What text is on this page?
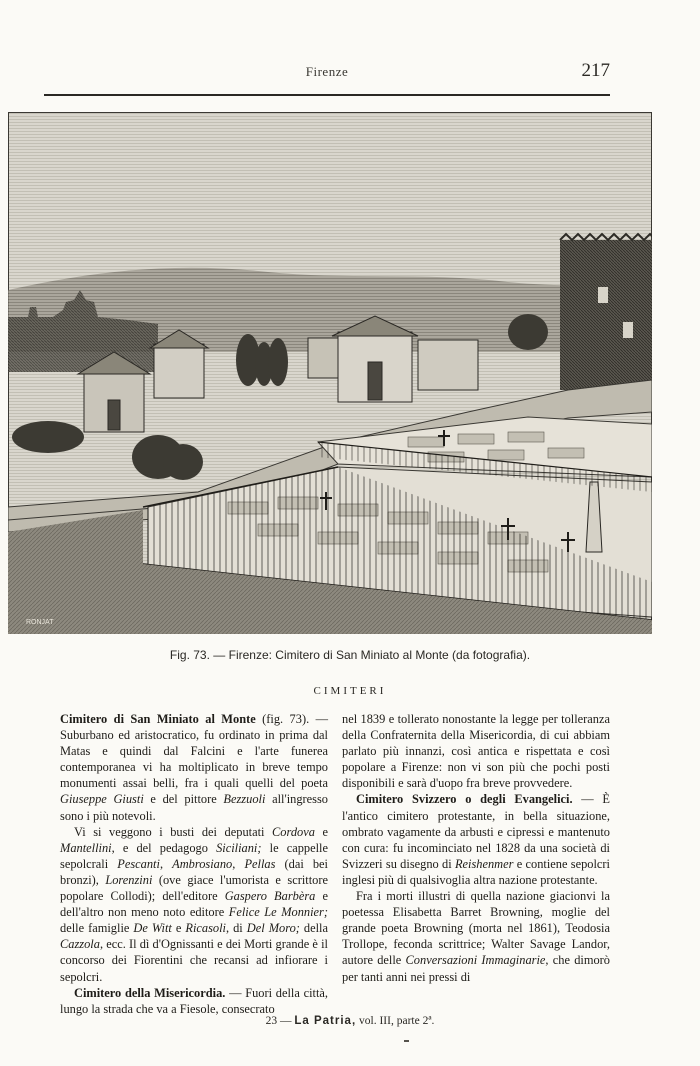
Firenze	217
RONJAT
Fig. 73. — Firenze: Cimitero di San Miniato al Monte (da fotografia).
CIMITERI

Cimitero di San Miniato al Monte (fig. 73). — Suburbano ed aristocratico, fu ordinato in prima dal Matas e quindi dal Falcini e l'arte funerea contemporanea vi ha moltiplicato in breve tempo monumenti assai belli, fra i quali quelli del poeta Giuseppe Giusti e del pittore Bezzuoli all'ingresso sono i più notevoli.

Vi si veggono i busti dei deputati Cordova e Mantellini, e del pedagogo Siciliani; le cappelle sepolcrali Pescanti, Ambrosiano, Pellas (dai bei bronzi), Lorenzini (ove giace l'umorista e scrittore popolare Collodi); dell'editore Gaspero Barbèra e dell'altro non meno noto editore Felice Le Monnier; delle famiglie De Witt e Ricasoli, di Del Moro; della Cazzola, ecc. Il dì d'Ognissanti e dei Morti grande è il concorso dei Fiorentini che recansi ad infiorare i sepolcri.

Cimitero della Misericordia. — Fuori della città, lungo la strada che va a Fiesole, consecrato

nel 1839 e tollerato nonostante la legge per tolleranza della Confraternita della Misericordia, di cui abbiam parlato più innanzi, così antica e rispettata e così popolare a Firenze: non vi son più che pochi posti disponibili e sarà d'uopo fra breve provvedere.

Cimitero Svizzero o degli Evangelici. — È l'antico cimitero protestante, in bella situazione, ombrato vagamente da arbusti e cipressi e mantenuto con cura: fu incominciato nel 1828 da una società di Svizzeri su disegno di Reishenmer e contiene sepolcri inglesi più di qualsivoglia altra nazione protestante.

Fra i morti illustri di quella nazione giacionvi la poetessa Elisabetta Barret Browning, moglie del grande poeta Browning (morta nel 1861), Teodosia Trollope, feconda scrittrice; Walter Savage Landor, autore delle Conversazioni Immaginarie, che dimorò per tanti anni nei pressi di

23 — La Patria, vol. III, parte 2ª.
